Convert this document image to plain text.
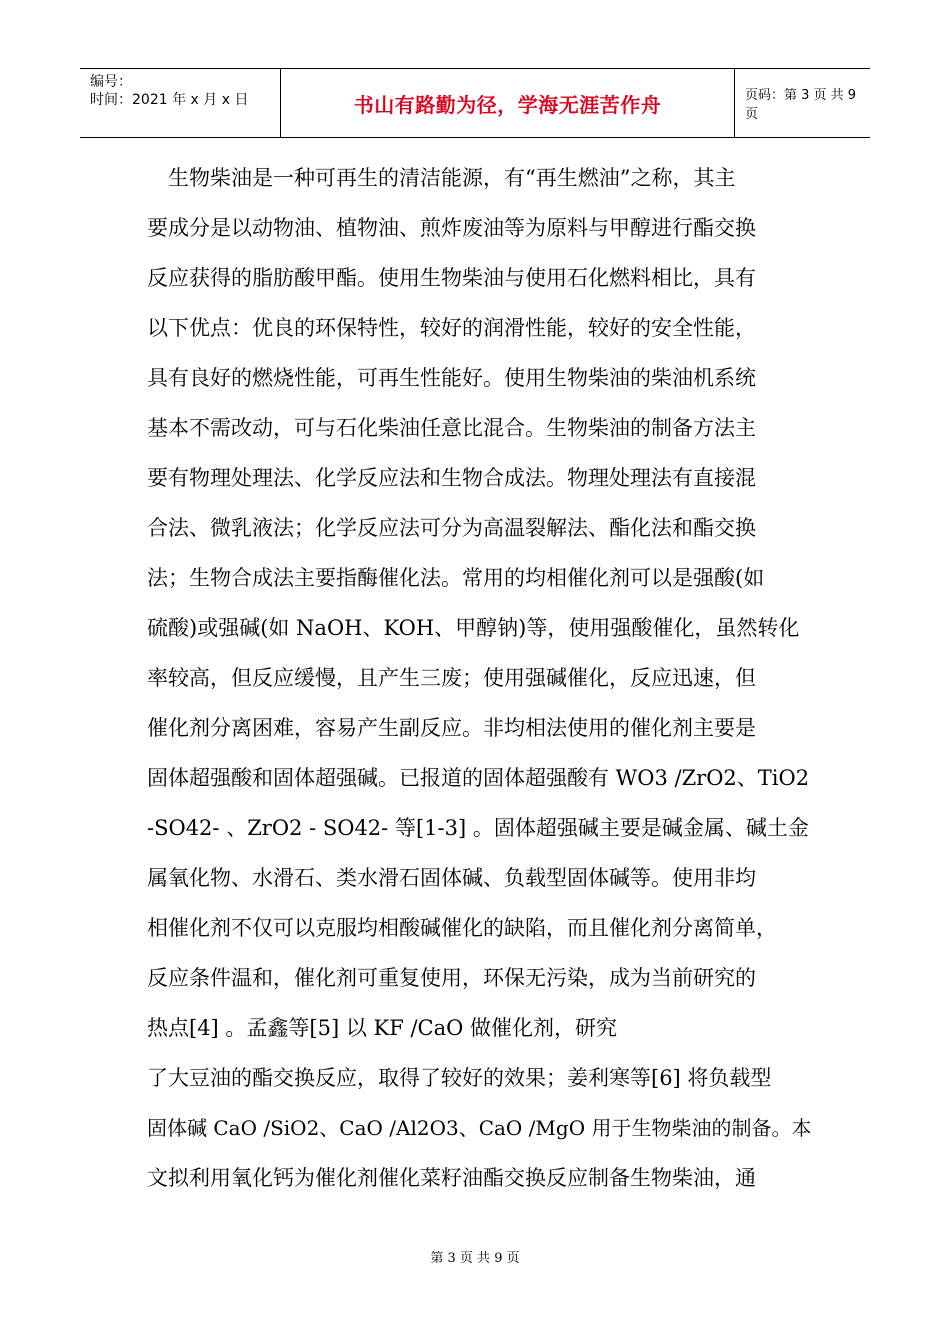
编号：
时间：2021 年 x 月 x 日	书山有路勤为径，学海无涯苦作舟	页码：第 3 页 共 9 页
生物柴油是一种可再生的清洁能源，有“再生燃油”之称，其主
要成分是以动物油、植物油、煎炸废油等为原料与甲醇进行酯交换
反应获得的脂肪酸甲酯。使用生物柴油与使用石化燃料相比，具有
以下优点：优良的环保特性，较好的润滑性能，较好的安全性能，
具有良好的燃烧性能，可再生性能好。使用生物柴油的柴油机系统
基本不需改动，可与石化柴油任意比混合。生物柴油的制备方法主
要有物理处理法、化学反应法和生物合成法。物理处理法有直接混
合法、微乳液法；化学反应法可分为高温裂解法、酯化法和酯交换
法；生物合成法主要指酶催化法。常用的均相催化剂可以是强酸(如
硫酸)或强碱(如 NaOH、KOH、甲醇钠)等，使用强酸催化，虽然转化
率较高，但反应缓慢，且产生三废；使用强碱催化，反应迅速，但
催化剂分离困难，容易产生副反应。非均相法使用的催化剂主要是
固体超强酸和固体超强碱。已报道的固体超强酸有 WO3 /ZrO2、TiO2
-SO42- 、ZrO2 - SO42- 等[1-3] 。固体超强碱主要是碱金属、碱土金
属氧化物、水滑石、类水滑石固体碱、负载型固体碱等。使用非均
相催化剂不仅可以克服均相酸碱催化的缺陷，而且催化剂分离简单，
反应条件温和，催化剂可重复使用，环保无污染，成为当前研究的
热点[4] 。孟鑫等[5] 以 KF /CaO 做催化剂，研究
了大豆油的酯交换反应，取得了较好的效果；姜利寒等[6] 将负载型
固体碱 CaO /SiO2、CaO /Al2O3、CaO /MgO 用于生物柴油的制备。本
文拟利用氧化钙为催化剂催化菜籽油酯交换反应制备生物柴油，通
第 3 页 共 9 页
